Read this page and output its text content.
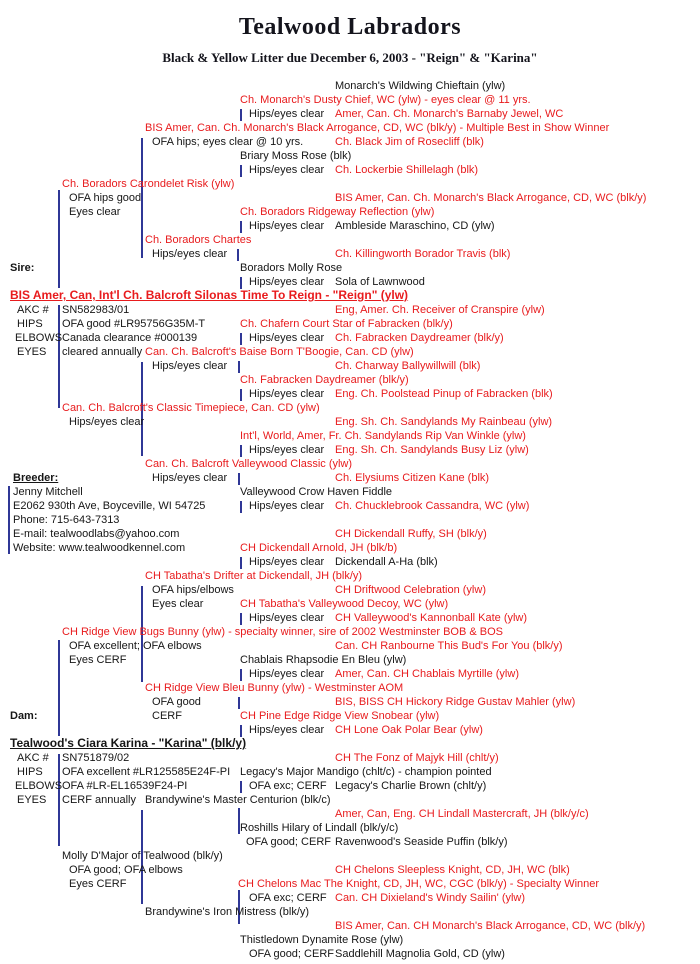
Tealwood Labradors
Black & Yellow Litter due December 6, 2003 - "Reign" & "Karina"
Monarch's Wildwing Chieftain (ylw)
Ch. Monarch's Dusty Chief, WC (ylw) - eyes clear @ 11 yrs.
Hips/eyes clear Amer, Can. Ch. Monarch's Barnaby Jewel, WC
BIS Amer, Can. Ch. Monarch's Black Arrogance, CD, WC (blk/y) - Multiple Best in Show Winner
OFA hips; eyes clear @ 10 yrs.	Ch. Black Jim of Rosecliff (blk)
Briary Moss Rose (blk)
Hips/eyes clear Ch. Lockerbie Shillelagh (blk)
Ch. Boradors Carondelet Risk (ylw)
OFA hips good	BIS Amer, Can. Ch. Monarch's Black Arrogance, CD, WC (blk/y)
Eyes clear	Ch. Boradors Ridgeway Reflection (ylw)
Hips/eyes clear Ambleside Maraschino, CD (ylw)
Ch. Boradors Chartes
Hips/eyes clear	Ch. Killingworth Borador Travis (blk)
Sire:	Boradors Molly Rose
Hips/eyes clear Sola of Lawnwood
BIS Amer, Can, Int'l Ch. Balcroft Silonas Time To Reign - "Reign" (ylw)
AKC # SN582983/01	Eng, Amer. Ch. Receiver of Cranspire (ylw)
HIPS OFA good #LR95756G35M-T	Ch. Chafern Court Star of Fabracken (blk/y)
ELBOWS Canada clearance #000139	Hips/eyes clear Ch. Fabracken Daydreamer (blk/y)
EYES cleared annually Can. Ch. Balcroft's Baise Born T'Boogie, Can. CD (ylw)
Hips/eyes clear	Ch. Charway Ballywillwill (blk)
Ch. Fabracken Daydreamer (blk/y)
Hips/eyes clear Eng. Ch. Poolstead Pinup of Fabracken (blk)
Can. Ch. Balcroft's Classic Timepiece, Can. CD (ylw)
Hips/eyes clear	Eng. Sh. Ch. Sandylands My Rainbeau (ylw)
Int'l, World, Amer, Fr. Ch. Sandylands Rip Van Winkle (ylw)
Hips/eyes clear Eng. Sh. Ch. Sandylands Busy Liz (ylw)
Can. Ch. Balcroft Valleywood Classic (ylw)
Breeder:	Hips/eyes clear	Ch. Elysiums Citizen Kane (blk)
Jenny Mitchell	Valleywood Crow Haven Fiddle
E2062 930th Ave, Boyceville, WI 54725	Hips/eyes clear Ch. Chucklebrook Cassandra, WC (ylw)
Phone: 715-643-7313
E-mail: tealwoodlabs@yahoo.com	CH Dickendall Ruffy, SH (blk/y)
Website: www.tealwoodkennel.com	CH Dickendall Arnold, JH (blk/b)
Hips/eyes clear Dickendall A-Ha (blk)
CH Tabatha's Drifter at Dickendall, JH (blk/y)
OFA hips/elbows	CH Driftwood Celebration (ylw)
Eyes clear	CH Tabatha's Valleywood Decoy, WC (ylw)
Hips/eyes clear CH Valleywood's Kannonball Kate (ylw)
CH Ridge View Bugs Bunny (ylw) - specialty winner, sire of 2002 Westminster BOB & BOS
OFA excellent; OFA elbows	Can. CH Ranbourne This Bud's For You (blk/y)
Eyes CERF	Chablais Rhapsodie En Bleu (ylw)
Hips/eyes clear Amer, Can. CH Chablais Myrtille (ylw)
CH Ridge View Bleu Bunny (ylw) - Westminster AOM
OFA good	BIS, BISS CH Hickory Ridge Gustav Mahler (ylw)
Dam:	CERF	CH Pine Edge Ridge View Snobear (ylw)
Hips/eyes clear CH Lone Oak Polar Bear (ylw)
Tealwood's Ciara Karina - "Karina" (blk/y)
AKC # SN751879/02	CH The Fonz of Majyk Hill (chlt/y)
HIPS OFA excellent #LR125585E24F-PI Legacy's Major Mandigo (chlt/c) - champion pointed
ELBOWS OFA #LR-EL16539F24-PI	OFA exc; CERF Legacy's Charlie Brown (chlt/y)
EYES CERF annually Brandywine's Master Centurion (blk/c)
Amer, Can, Eng. CH Lindall Mastercraft, JH (blk/y/c)
Roshills Hilary of Lindall (blk/y/c)
OFA good; CERF Ravenwood's Seaside Puffin (blk/y)
Molly D'Major of Tealwood (blk/y)
OFA good; OFA elbows	CH Chelons Sleepless Knight, CD, JH, WC (blk)
Eyes CERF	CH Chelons Mac The Knight, CD, JH, WC, CGC (blk/y) - Specialty Winner
OFA exc; CERF Can. CH Dixieland's Windy Sailin' (ylw)
Brandywine's Iron Mistress (blk/y)
BIS Amer, Can. CH Monarch's Black Arrogance, CD, WC (blk/y)
Thistledown Dynamite Rose (ylw)
OFA good; CERF Saddlehill Magnolia Gold, CD (ylw)
